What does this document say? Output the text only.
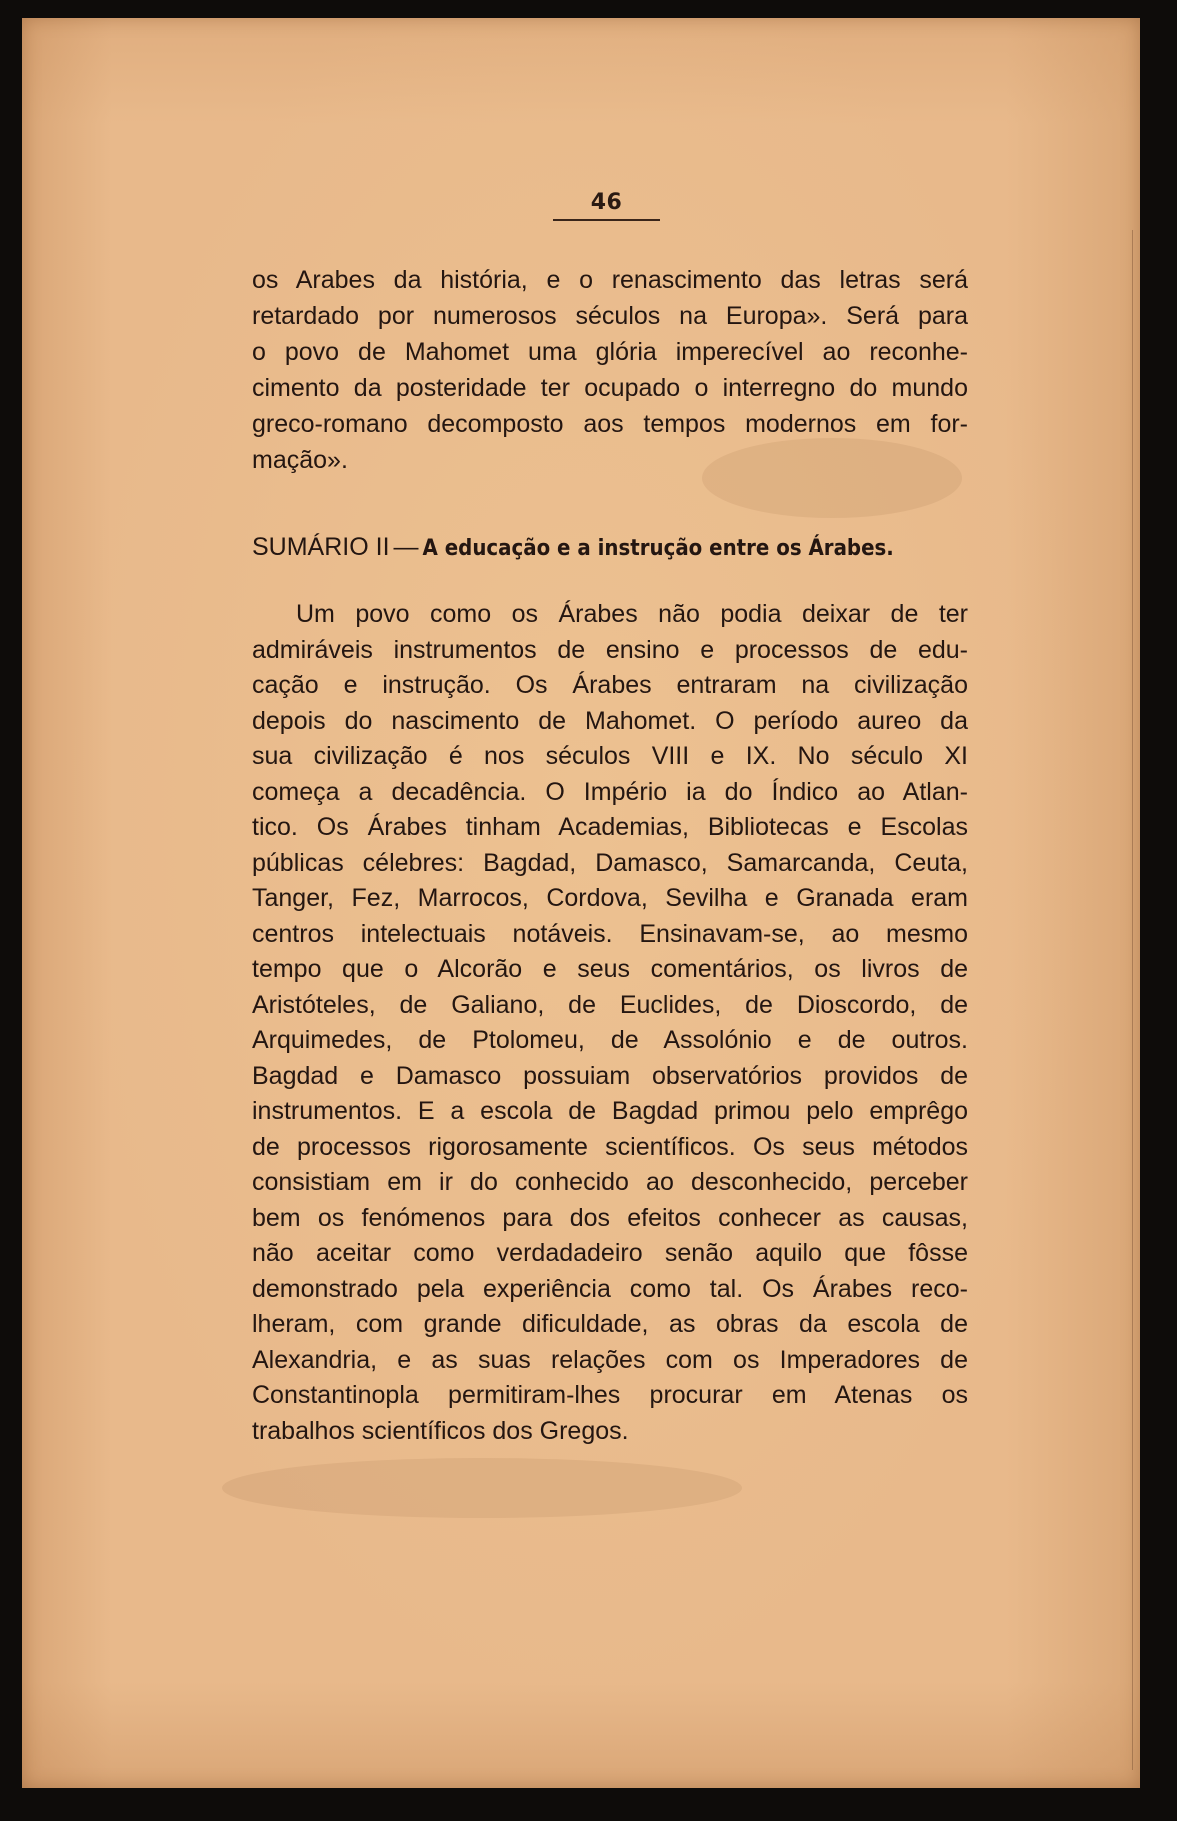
46
os Arabes da história, e o renascimento das letras será
retardado por numerosos séculos na Europa». Será para
o povo de Mahomet uma glória imperecível ao reconhe-
cimento da posteridade ter ocupado o interregno do mundo
greco-romano decomposto aos tempos modernos em for-
mação».
SUMÁRIO II — A educação e a instrução entre os Árabes.
Um povo como os Árabes não podia deixar de ter
admiráveis instrumentos de ensino e processos de edu-
cação e instrução. Os Árabes entraram na civilização
depois do nascimento de Mahomet. O período aureo da
sua civilização é nos séculos VIII e IX. No século XI
começa a decadência. O Império ia do Índico ao Atlan-
tico. Os Árabes tinham Academias, Bibliotecas e Escolas
públicas célebres: Bagdad, Damasco, Samarcanda, Ceuta,
Tanger, Fez, Marrocos, Cordova, Sevilha e Granada eram
centros intelectuais notáveis. Ensinavam-se, ao mesmo
tempo que o Alcorão e seus comentários, os livros de
Aristóteles, de Galiano, de Euclides, de Dioscordo, de
Arquimedes, de Ptolomeu, de Assolónio e de outros.
Bagdad e Damasco possuiam observatórios providos de
instrumentos. E a escola de Bagdad primou pelo emprêgo
de processos rigorosamente scientíficos. Os seus métodos
consistiam em ir do conhecido ao desconhecido, perceber
bem os fenómenos para dos efeitos conhecer as causas,
não aceitar como verdadadeiro senão aquilo que fôsse
demonstrado pela experiência como tal. Os Árabes reco-
lheram, com grande dificuldade, as obras da escola de
Alexandria, e as suas relações com os Imperadores de
Constantinopla permitiram-lhes procurar em Atenas os
trabalhos scientíficos dos Gregos.
